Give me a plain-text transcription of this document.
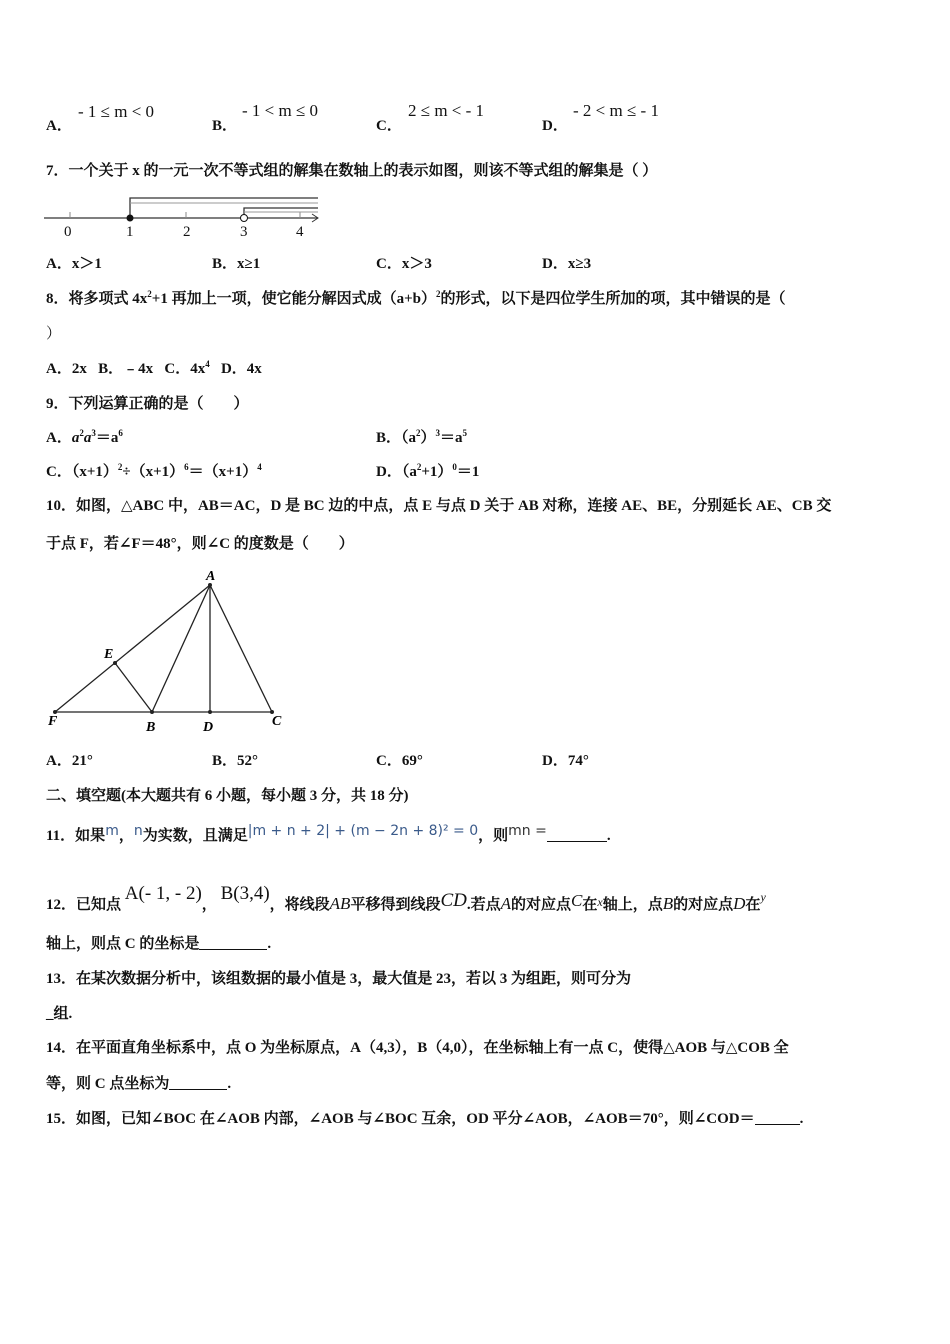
A．
- 1 ≤ m < 0
B．
- 1 < m ≤ 0
C．
2 ≤ m < - 1
D．
- 2 < m ≤ - 1
7．一个关于 x 的一元一次不等式组的解集在数轴上的表示如图，则该不等式组的解集是（ ）
0	1	2	3	4
A．x＞1	B．x≥1	C．x＞3	D．x≥3
8．将多项式 $4x^2+1$ 再加上一项，使它能分解因式成$(a+b)^2$的形式，以下是四位学生所加的项，其中错误的是（
）
A．2x B．﹣4x C．$4x^4$ D．4x
9．下列运算正确的是（　　）
A．$a^2a^3=a^6$	B．$(a^2)^3=a^5$
C．$(x+1)^2\div(x+1)^6=(x+1)^4$	D．$(a^2+1)^0=1$
10．如图，△ABC 中，AB＝AC，D 是 BC 边的中点，点 E 与点 D 关于 AB 对称，连接 AE、BE，分别延长 AE、CB 交
于点 F，若∠F＝48°，则∠C 的度数是（　　）
A
E
F	B	D	C
A．21°	B．52°	C．69°	D．74°
二、填空题(本大题共有 6 小题，每小题 3 分，共 18 分)
11．如果m，n为实数，且满足|m + n + 2| + (m − 2n + 8)² = 0，则mn =	.
12．已知点 A(- 1, - 2)， B(3,4)，将线段AB平移得到线段CD.若点A的对应点C在$^x$轴上，点B的对应点D在$^y$
轴上，则点 C 的坐标是	.
13．在某次数据分析中，该组数据的最小值是 3，最大值是 23，若以 3 为组距，则可分为
_组.
14．在平面直角坐标系中，点 O 为坐标原点，A（4,3），B（4,0），在坐标轴上有一点 C，使得△AOB 与△COB 全
等，则 C 点坐标为	.
15．如图，已知∠BOC 在∠AOB 内部，∠AOB 与∠BOC 互余，OD 平分∠AOB，∠AOB＝70°，则∠COD＝	.
